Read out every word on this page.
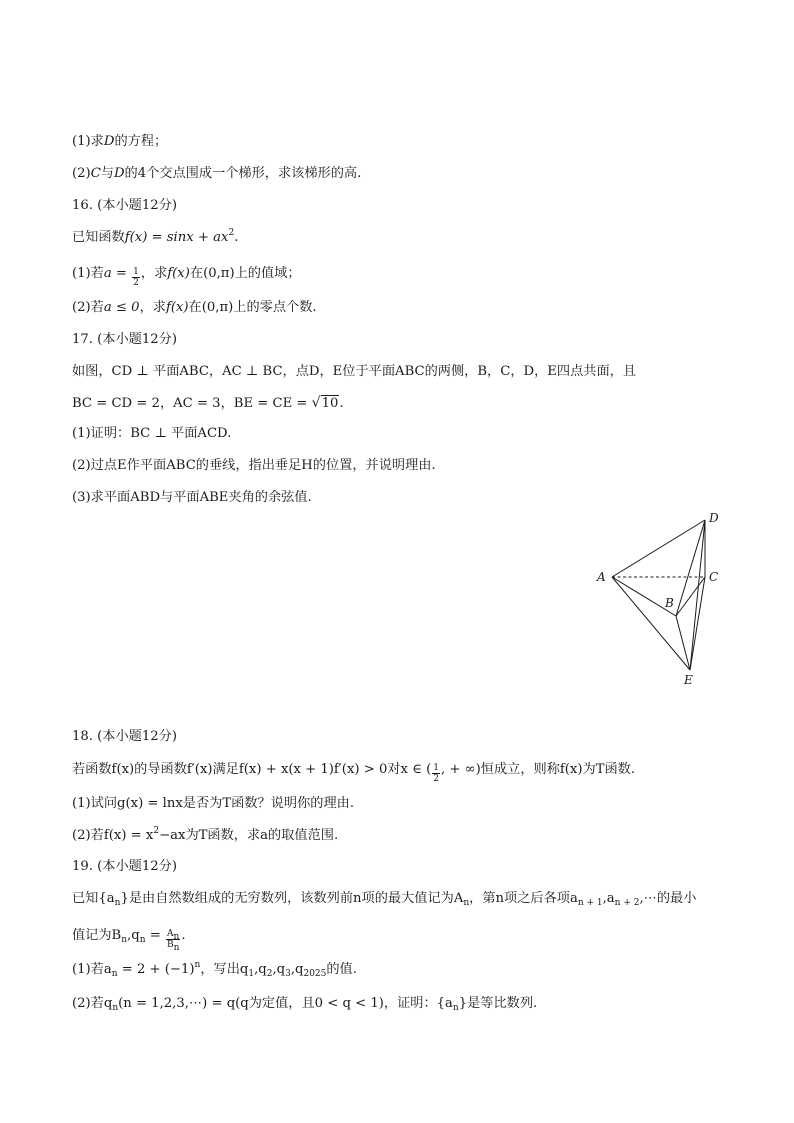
(1)求D的方程；
(2)C与D的4个交点围成一个梯形，求该梯形的高.
16. (本小题12分)
已知函数$f(x) = \sin x + ax^2$.
(1)若$a = \frac{1}{2}$ ，求f(x)在(0,π)上的值域；
(2)若a ≤ 0，求f(x)在(0,π)上的零点个数.
17. (本小题12分)
如图，CD ⊥ 平面ABC，AC ⊥ BC，点D，E位于平面ABC的两侧，B，C，D，E四点共面，且
BC = CD = 2，AC = 3，BE = CE = √10.
(1)证明：BC ⊥ 平面ACD.
(2)过点E作平面ABC的垂线，指出垂足H的位置，并说明理由.
(3)求平面ABD与平面ABE夹角的余弦值.
D
A	C
B
E
18. (本小题12分)
若函数f(x)的导函数f′(x)满足f(x) + x(x + 1)f′(x) > 0对x ∈ ( $\frac{1}{2}$ , + ∞)恒成立，则称f(x)为T函数.
(1)试问g(x) = lnx是否为T函数？说明你的理由.
(2)若$f(x) = x^2-ax$为T函数，求a的取值范围.
19. (本小题12分)
已知$\{a_n\}$是由自然数组成的无穷数列，该数列前n项的最大值记为$A_n$，第n项之后各项$a_{n + 1},a_{n + 2},\cdots$的最小
值记为$B_n,q_n = \frac{A_n}{B_n}$ .
(1)若$a_n = 2 + (-1)^n$，写出$q_1,q_2,q_3,q_{2025}$的值.
(2)若$q_n(n$ = 1,2,3,⋯) = q(q为定值，且0 < q < 1)，证明：$\{a_n\}$是等比数列.
